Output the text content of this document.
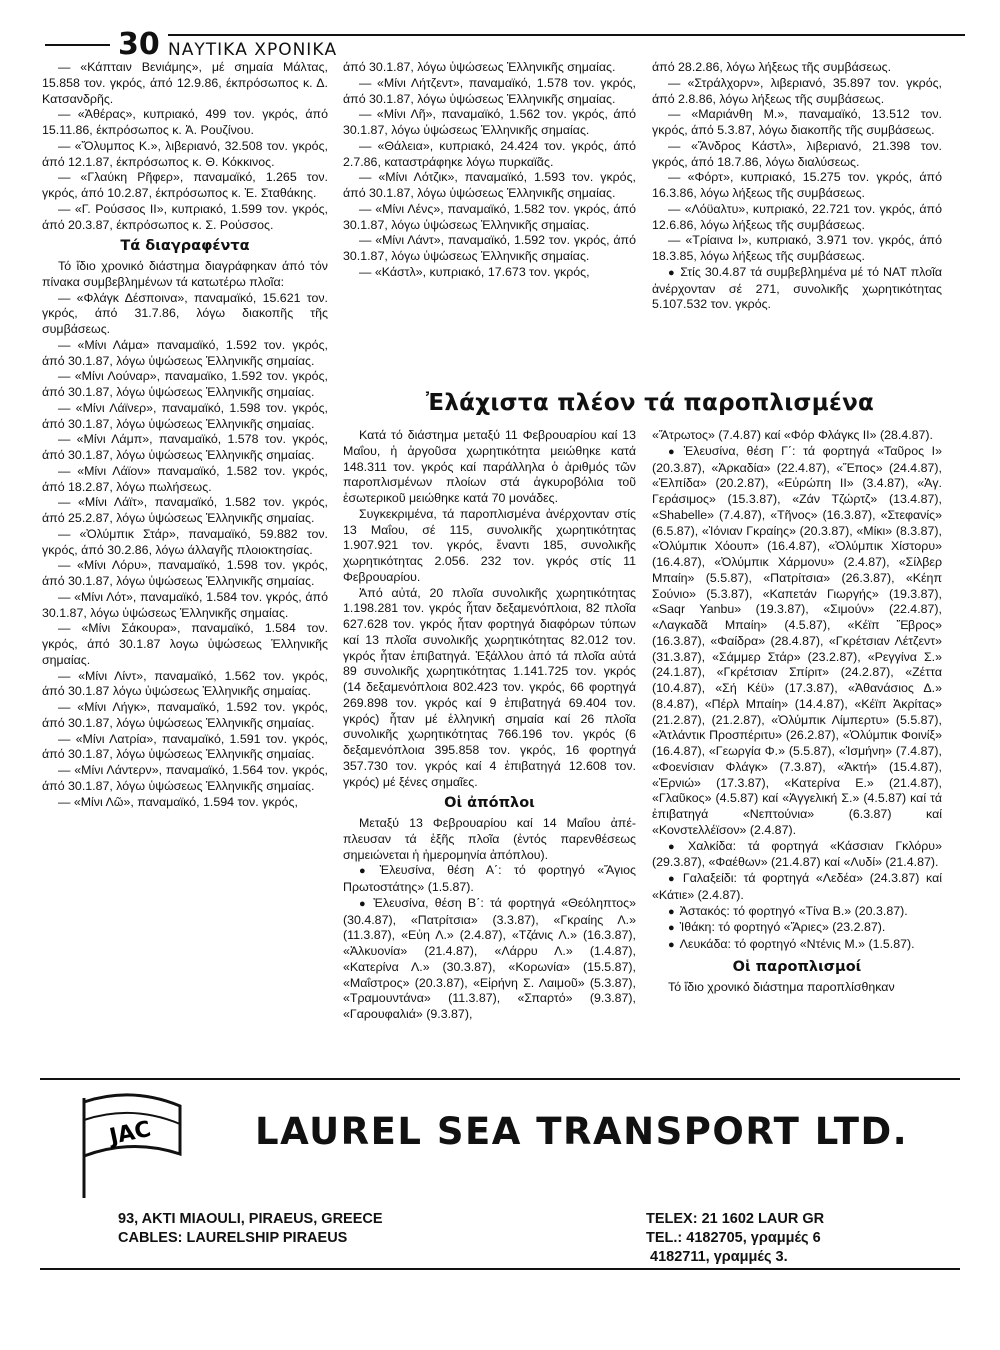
30 ΝΑΥΤΙΚΑ ΧΡΟΝΙΚΑ

— «Κάπταιν Βενιάμης», μέ σημαία Μάλτας, 15.858 τον. γκρός, άπό 12.9.86, έκπρόσωπος κ. Δ. Κατσανδρῆς.

— «Ἀθέρας», κυπριακό, 499 τον. γκρός, άπό 15.11.86, έκπρόσωπος κ. Ἀ. Ρουζίνου.

— «Ὄλυμπος Κ.», λιβεριανό, 32.508 τον. γκρός, άπό 12.1.87, έκπρόσωπος κ. Θ. Κόκκινος.

— «Γλαύκη Ρῆφερ», παναμαϊκό, 1.265 τον. γκρός, άπό 10.2.87, έκπρόσωπος κ. Ἐ. Σταθάκης.

— «Γ. Ρούσσος ΙΙ», κυπριακό, 1.599 τον. γκρός, άπό 20.3.87, έκπρόσωπος κ. Σ. Ρούσσος.

Τά διαγραφέντα

Τό ἴδιο χρονικό διάστημα διαγράφηκαν άπό τόν πίνακα συμβεβλημένων τά κατωτέρω πλοῖα:

— «Φλάγκ Δέσποινα», παναμαϊκό, 15.621 τον. γκρός, άπό 31.7.86, λόγω διακοπῆς τῆς συμβάσεως.

— «Μίνι Λάμα» παναμαϊκό, 1.592 τον. γκρός, άπό 30.1.87, λόγω ὑψώσεως Ἑλληνικῆς σημαίας.

— «Μίνι Λούναρ», παναμαϊκο, 1.592 τον. γκρός, άπό 30.1.87, λόγω ὑψώσεως Ἑλληνικῆς σημαίας.

— «Μίνι Λάϊνερ», παναμαϊκό, 1.598 τον. γκρός, άπό 30.1.87, λόγω ὑψώσεως Ἑλληνικῆς σημαίας.

— «Μίνι Λάμπ», παναμαϊκό, 1.578 τον. γκρός, άπό 30.1.87, λόγω ὑψώσεως Ἑλληνικῆς σημαίας.

— «Μίνι Λάϊον» παναμαϊκό, 1.582 τον. γκρός, άπό 18.2.87, λόγω πωλήσεως.

— «Μίνι Λάϊτ», παναμαϊκό, 1.582 τον. γκρός, άπό 25.2.87, λόγω ὑψώσεως Ἑλληνικῆς σημαίας.

— «Ὀλύμπικ Στάρ», παναμαϊκό, 59.882 τον. γκρός, άπό 30.2.86, λόγω άλλαγῆς πλοιοκτησίας.

— «Μίνι Λόρυ», παναμαϊκό, 1.598 τον. γκρός, άπό 30.1.87, λόγω ὑψώσεως Ἑλληνικῆς σημαίας.

— «Μίνι Λότ», παναμαϊκό, 1.584 τον. γκρός, άπό 30.1.87, λόγω ὑψώσεως Ἑλληνικῆς σημαίας.

— «Μίνι Σάκουρα», παναμαϊκό, 1.584 τον. γκρός, άπό 30.1.87 λογω ὑψώσεως Ἑλληνικῆς σημαίας.

— «Μίνι Λίντ», παναμαϊκό, 1.562 τον. γκρός, άπό 30.1.87 λόγω ὑψώσεως Ἑλληνικῆς σημαίας.

— «Μίνι Λήγκ», παναμαϊκό, 1.592 τον. γκρός, άπό 30.1.87, λόγω ὑψώσεως Ἑλληνικῆς σημαίας.

— «Μίνι Λατρία», παναμαϊκό, 1.591 τον. γκρός, άπό 30.1.87, λόγω ὑψώσεως Ἑλληνικῆς σημαίας.

— «Μίνι Λάντερν», παναμαϊκό, 1.564 τον. γκρός, άπό 30.1.87, λόγω ὑψώσεως Ἑλληνικῆς σημαίας.

— «Μίνι Λῶ», παναμαϊκό, 1.594 τον. γκρός,

άπό 30.1.87, λόγω ὑψώσεως Ἑλληνικῆς σημαίας.

— «Μίνι Λήτζεντ», παναμαϊκό, 1.578 τον. γκρός, άπό 30.1.87, λόγω ὑψώσεως Ἑλληνικῆς σημαίας.

— «Μίνι Λῆ», παναμαϊκό, 1.562 τον. γκρός, άπό 30.1.87, λόγω ὑψώσεως Ἑλληνικῆς σημαίας.

— «Θάλεια», κυπριακό, 24.424 τον. γκρός, άπό 2.7.86, καταστράφηκε λόγω πυρκαϊᾶς.

— «Μίνι Λότζικ», παναμαϊκό, 1.593 τον. γκρός, άπό 30.1.87, λόγω ὑψώσεως Ἑλληνικῆς σημαίας.

— «Μίνι Λένς», παναμαϊκό, 1.582 τον. γκρός, άπό 30.1.87, λόγω ὑψώσεως Ἑλληνικῆς σημαίας.

— «Μίνι Λάντ», παναμαϊκό, 1.592 τον. γκρός, άπό 30.1.87, λόγω ὑψώσεως Ἑλληνικῆς σημαίας.

— «Κάστλ», κυπριακό, 17.673 τον. γκρός,

άπό 28.2.86, λόγω λήξεως τῆς συμβάσεως.

— «Στράλχορν», λιβεριανό, 35.897 τον. γκρός, άπό 2.8.86, λόγω λήξεως τῆς συμβάσεως.

— «Μαριάνθη Μ.», παναμαϊκό, 13.512 τον. γκρός, άπό 5.3.87, λόγω διακοπῆς τῆς συμβάσεως.

— «Ἄνδρος Κάστλ», λιβεριανό, 21.398 τον. γκρός, άπό 18.7.86, λόγω διαλύσεως.

— «Φόρτ», κυπριακό, 15.275 τον. γκρός, άπό 16.3.86, λόγω λήξεως τῆς συμβάσεως.

— «Λόϋαλτυ», κυπριακό, 22.721 τον. γκρός, άπό 12.6.86, λόγω λήξεως τῆς συμβάσεως.

— «Τρίαινα Ι», κυπριακό, 3.971 τον. γκρός, άπό 18.3.85, λόγω λήξεως τῆς συμβάσεως.

● Στίς 30.4.87 τά συμβεβλημένα μέ τό ΝΑΤ πλοῖα ἀνέρχονταν σέ 271, συνολικῆς χωρητικότητας 5.107.532 τον. γκρός.

Ἐλάχιστα πλέον τά παροπλισμένα

Κατά τό διάστημα μεταξύ 11 Φεβρουαρίου καί 13 Μαΐου, ἡ ἀργοῦσα χωρητικότητα μειώθηκε κατά 148.311 τον. γκρός καί παράλληλα ὁ ἀριθμός τῶν παροπλισμένων πλοίων στά ἀγκυροβόλια τοῦ ἐσωτερικοῦ μειώθηκε κατά 70 μονάδες.

Συγκεκριμένα, τά παροπλισμένα ἀνέρχονταν στίς 13 Μαΐου, σέ 115, συνολικῆς χωρητικότητας 1.907.921 τον. γκρός, ἔναντι 185, συνολικῆς χωρητικότητας 2.056. 232 τον. γκρός στίς 11 Φεβρουαρίου.

Ἀπό αὐτά, 20 πλοῖα συνολικῆς χωρητικότητας 1.198.281 τον. γκρός ἦταν δεξαμενόπλοια, 82 πλοῖα 627.628 τον. γκρός ἦταν φορτηγά διαφόρων τύπων καί 13 πλοῖα συνολικῆς χωρητικότητας 82.012 τον. γκρός ἦταν ἐπιβατηγά. Ἐξάλλου ἀπό τά πλοῖα αὐτά 89 συνολικῆς χωρητικότητας 1.141.725 τον. γκρός (14 δεξαμενόπλοια 802.423 τον. γκρός, 66 φορτηγά 269.898 τον. γκρός καί 9 ἐπιβατηγά 69.404 τον. γκρός) ἦταν μέ ἑλληνική σημαία καί 26 πλοῖα συνολικῆς χωρητικότητας 766.196 τον. γκρός (6 δεξαμενόπλοια 395.858 τον. γκρός, 16 φορτηγά 357.730 τον. γκρός καί 4 ἐπιβατηγά 12.608 τον. γκρός) μέ ξένες σημαῖες.

Οἱ ἀπόπλοι

Μεταξύ 13 Φεβρουαρίου καί 14 Μαΐου ἀπέπλευσαν τά ἑξῆς πλοῖα (ἐντός παρενθέσεως σημειώνεται ἡ ἡμερομηνία ἀπόπλου).

● Ἐλευσίνα, θέση Α΄: τό φορτηγό «Ἅγιος Πρωτοστάτης» (1.5.87).

● Ἐλευσίνα, θέση Β΄: τά φορτηγά «Θεόληπτος» (30.4.87), «Πατρίτσια» (3.3.87), «Γκραίης Λ.» (11.3.87), «Εὐη Λ.» (2.4.87), «Τζάνις Λ.» (16.3.87), «Ἀλκυονία» (21.4.87), «Λάρρυ Λ.» (1.4.87), «Κατερίνα Λ.» (30.3.87), «Κορωνία» (15.5.87), «Μαΐστρος» (20.3.87), «Εἰρήνη Σ. Λαιμοῦ» (5.3.87), «Τραμουντάνα» (11.3.87), «Σπαρτό» (9.3.87), «Γαρουφαλιά» (9.3.87),

«Ἄτρωτος» (7.4.87) καί «Φόρ Φλάγκς ΙΙ» (28.4.87).

● Ἐλευσίνα, θέση Γ΄: τά φορτηγά «Ταῦρος Ι» (20.3.87), «Ἀρκαδία» (22.4.87), «Ἔπος» (24.4.87), «Ἐλπίδα» (20.2.87), «Εὐρώπη ΙΙ» (3.4.87), «Ἁγ. Γεράσιμος» (15.3.87), «Ζάν Τζώρτζ» (13.4.87), «Shabelle» (7.4.87), «Τῆνος» (16.3.87), «Στεφανίς» (6.5.87), «Ἰόνιαν Γκραίης» (20.3.87), «Μίκι» (8.3.87), «Ὀλύμπικ Χόουπ» (16.4.87), «Ὀλύμπικ Χίστορυ» (16.4.87), «Ὀλύμπικ Χάρμονυ» (2.4.87), «Σίλβερ Μπαίη» (5.5.87), «Πατρίτσια» (26.3.87), «Κέηπ Σούνιο» (5.3.87), «Καπετάν Γιωργής» (19.3.87), «Saqr Yanbu» (19.3.87), «Σιμούν» (22.4.87), «Λαγκαδᾶ Μπαίη» (4.5.87), «Κέϊπ Ἔβρος» (16.3.87), «Φαίδρα» (28.4.87), «Γκρέτσιαν Λέτζεντ» (31.3.87), «Σάμμερ Στάρ» (23.2.87), «Ρεγγίνα Σ.» (24.1.87), «Γκρέτσιαν Σπίριτ» (24.2.87), «Ζέττα (10.4.87), «Σή Κέϋ» (17.3.87), «Ἀθανάσιος Δ.» (8.4.87), «Πέρλ Μπαίη» (14.4.87), «Κέϊπ Ἀκρίτας» (21.2.87), (21.2.87), «Ὀλύμπικ Λίμπερτυ» (5.5.87), «Ἀτλάντικ Προσπέριτυ» (26.2.87), «Ὀλύμπικ Φοινίξ» (16.4.87), «Γεωργία Φ.» (5.5.87), «Ἰσμήνη» (7.4.87), «Φοενίσιαν Φλάγκ» (7.3.87), «Ἀκτή» (15.4.87), «Ἐρνιώ» (17.3.87), «Κατερίνα Ε.» (21.4.87), «Γλαῦκος» (4.5.87) καί «Ἀγγελική Σ.» (4.5.87) καί τά ἐπιβατηγά «Νεπτούνια» (6.3.87) καί «Κονστελλέϊσον» (2.4.87).

● Χαλκίδα: τά φορτηγά «Κάσσιαν Γκλόρυ» (29.3.87), «Φαέθων» (21.4.87) καί «Λυδί» (21.4.87).

● Γαλαξείδι: τά φορτηγά «Λεδέα» (24.3.87) καί «Κάτιε» (2.4.87).

● Ἀστακός: τό φορτηγό «Τίνα Β.» (20.3.87).

● Ἰθάκη: τό φορτηγό «Ἄριες» (23.2.87).

● Λευκάδα: τό φορτηγό «Ντένις Μ.» (1.5.87).

Οἱ παροπλισμοί

Τό ἴδιο χρονικό διάστημα παροπλίσθηκαν

JAC	LAUREL SEA TRANSPORT LTD.
93, AKTI MIAOULI, PIRAEUS, GREECE
CABLES: LAURELSHIP PIRAEUS
TELEX: 21 1602 LAUR GR
TEL.: 4182705, γραμμές 6
4182711, γραμμές 3.
